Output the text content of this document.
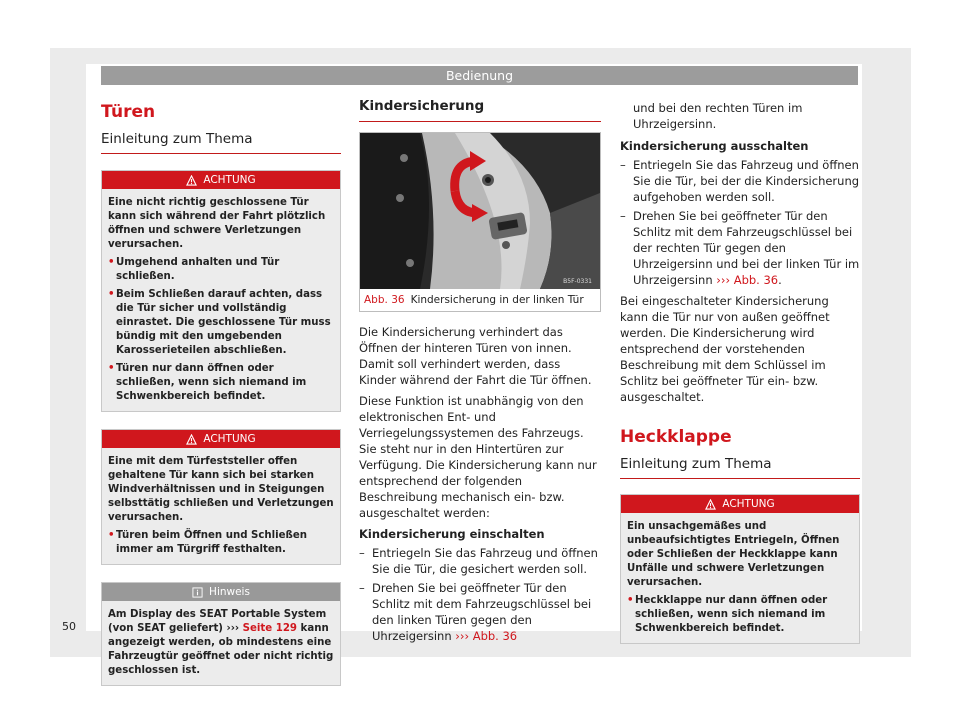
Bedienung
Türen
Einleitung zum Thema
ACHTUNG
Eine nicht richtig geschlossene Tür kann sich während der Fahrt plötzlich öffnen und schwere Verletzungen verursachen.
• Umgehend anhalten und Tür schließen.
• Beim Schließen darauf achten, dass die Tür sicher und vollständig einrastet. Die geschlossene Tür muss bündig mit den umgebenden Karosserieteilen abschließen.
• Türen nur dann öffnen oder schließen, wenn sich niemand im Schwenkbereich befindet.
ACHTUNG
Eine mit dem Türfeststeller offen gehaltene Tür kann sich bei starken Windverhältnissen und in Steigungen selbsttätig schließen und Verletzungen verursachen.
• Türen beim Öffnen und Schließen immer am Türgriff festhalten.
Hinweis
Am Display des SEAT Portable System (von SEAT geliefert) ››› Seite 129 kann angezeigt werden, ob mindestens eine Fahrzeugtür geöffnet oder nicht richtig geschlossen ist.
Kindersicherung
B5F-0331
Abb. 36 Kindersicherung in der linken Tür
Die Kindersicherung verhindert das Öffnen der hinteren Türen von innen. Damit soll verhindert werden, dass Kinder während der Fahrt die Tür öffnen.
Diese Funktion ist unabhängig von den elektronischen Ent- und Verriegelungssystemen des Fahrzeugs. Sie steht nur in den Hintertüren zur Verfügung. Die Kindersicherung kann nur entsprechend der folgenden Beschreibung mechanisch ein- bzw. ausgeschaltet werden:
Kindersicherung einschalten
– Entriegeln Sie das Fahrzeug und öffnen Sie die Tür, die gesichert werden soll.
– Drehen Sie bei geöffneter Tür den Schlitz mit dem Fahrzeugschlüssel bei den linken Türen gegen den Uhrzeigersinn ››› Abb. 36
und bei den rechten Türen im Uhrzeigersinn.
Kindersicherung ausschalten
– Entriegeln Sie das Fahrzeug und öffnen Sie die Tür, bei der die Kindersicherung aufgehoben werden soll.
– Drehen Sie bei geöffneter Tür den Schlitz mit dem Fahrzeugschlüssel bei der rechten Tür gegen den Uhrzeigersinn und bei der linken Tür im Uhrzeigersinn ››› Abb. 36.
Bei eingeschalteter Kindersicherung kann die Tür nur von außen geöffnet werden. Die Kindersicherung wird entsprechend der vorstehenden Beschreibung mit dem Schlüssel im Schlitz bei geöffneter Tür ein- bzw. ausgeschaltet.
Heckklappe
Einleitung zum Thema
ACHTUNG
Ein unsachgemäßes und unbeaufsichtigtes Entriegeln, Öffnen oder Schließen der Heckklappe kann Unfälle und schwere Verletzungen verursachen.
• Heckklappe nur dann öffnen oder schließen, wenn sich niemand im Schwenkbereich befindet.
50
